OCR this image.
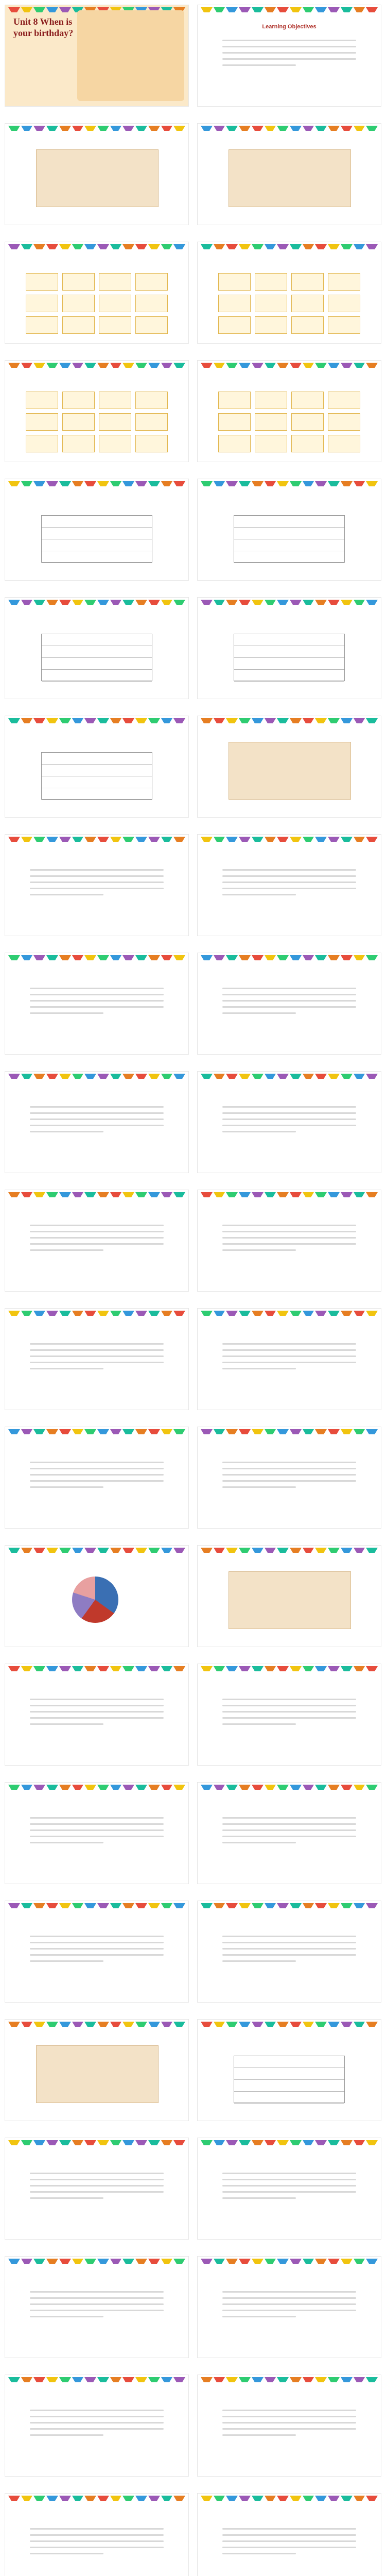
Unit 8 When is your birthday?
Learning Objectives
